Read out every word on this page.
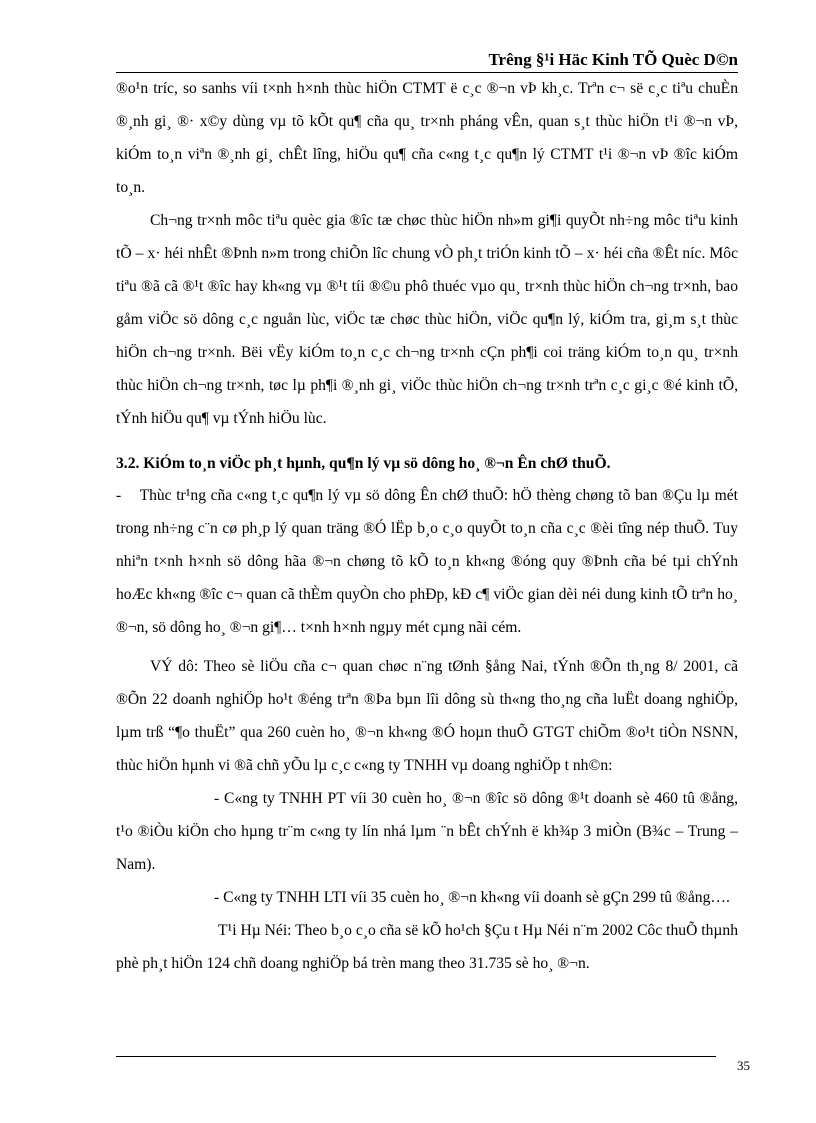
Trêng §¹i Häc Kinh TÕ Quèc D©n

®o¹n tríc, so sanhs víi t×nh h×nh thùc hiÖn CTMT ë c¸c ®¬n vÞ kh¸c. Trªn c¬ së c¸c tiªu chuÈn ®¸nh gi¸ ®· x©y dùng vµ tõ kÕt qu¶ cña qu¸ tr×nh pháng vÊn, quan s¸t thùc hiÖn t¹i ®¬n vÞ, kiÓm to¸n viªn ®¸nh gi¸ chÊt lîng, hiÖu qu¶ cña c«ng t¸c qu¶n lý CTMT t¹i ®¬n vÞ ®îc kiÓm to¸n.

Ch¬ng tr×nh môc tiªu quèc gia ®îc tæ chøc thùc hiÖn nh»m gi¶i quyÕt nh÷ng môc tiªu kinh tÕ – x· héi nhÊt ®Þnh n»m trong chiÕn lîc chung vÒ ph¸t triÓn kinh tÕ – x· héi cña ®Êt níc. Môc tiªu ®ã cã ®¹t ®îc hay kh«ng vµ ®¹t tíi ®©u phô thuéc vµo qu¸ tr×nh thùc hiÖn ch¬ng tr×nh, bao gåm viÖc sö dông c¸c nguån lùc, viÖc tæ chøc thùc hiÖn, viÖc qu¶n lý, kiÓm tra, gi¸m s¸t thùc hiÖn ch¬ng tr×nh. Bëi vËy kiÓm to¸n c¸c ch¬ng tr×nh cÇn ph¶i coi träng kiÓm to¸n qu¸ tr×nh thùc hiÖn ch¬ng tr×nh, tøc lµ ph¶i ®¸nh gi¸ viÖc thùc hiÖn ch¬ng tr×nh trªn c¸c gi¸c ®é kinh tÕ, tÝnh hiÖu qu¶ vµ tÝnh hiÖu lùc.

3.2. KiÓm to¸n viÖc ph¸t hµnh, qu¶n lý vµ sö dông ho¸ ®¬n Ên chØ thuÕ.

- Thùc tr¹ng cña c«ng t¸c qu¶n lý vµ sö dông Ên chØ thuÕ: hÖ thèng chøng tõ ban ®Çu lµ mét trong nh÷ng c¨n cø ph¸p lý quan träng ®Ó lËp b¸o c¸o quyÕt to¸n cña c¸c ®èi tîng nép thuÕ. Tuy nhiªn t×nh h×nh sö dông hãa ®¬n chøng tõ kÕ to¸n kh«ng ®óng quy ®Þnh cña bé tµi chÝnh hoÆc kh«ng ®îc c¬ quan cã thÈm quyÒn cho phÐp, kÐ c¶ viÖc gian dèi néi dung kinh tÕ trªn ho¸ ®¬n, sö dông ho¸ ®¬n gi¶… t×nh h×nh ngµy mét cµng nãi cém.

VÝ dô: Theo sè liÖu cña c¬ quan chøc n¨ng tØnh §ång Nai, tÝnh ®Õn th¸ng 8/ 2001, cã ®Õn 22 doanh nghiÖp ho¹t ®éng trªn ®Þa bµn lîi dông sù th«ng tho¸ng cña luËt doang nghiÖp, lµm trß “¶o thuËt” qua 260 cuèn ho¸ ®¬n kh«ng ®Ó hoµn thuÕ GTGT chiÕm ®o¹t tiÒn NSNN, thùc hiÖn hµnh vi ®ã chñ yÕu lµ c¸c c«ng ty TNHH vµ doang nghiÖp t nh©n:

- C«ng ty TNHH PT víi 30 cuèn ho¸ ®¬n ®îc sö dông ®¹t doanh sè 460 tû ®ång, t¹o ®iÒu kiÖn cho hµng tr¨m c«ng ty lín nhá lµm ¨n bÊt chÝnh ë kh¾p 3 miÒn (B¾c – Trung – Nam).

- C«ng ty TNHH LTI víi 35 cuèn ho¸ ®¬n kh«ng víi doanh sè gÇn 299 tû ®ång….

T¹i Hµ Néi: Theo b¸o c¸o cña së kÕ ho¹ch §Çu t Hµ Néi n¨m 2002 Côc thuÕ thµnh phè ph¸t hiÖn 124 chñ doang nghiÖp bá trèn mang theo 31.735 sè ho¸ ®¬n.

35
